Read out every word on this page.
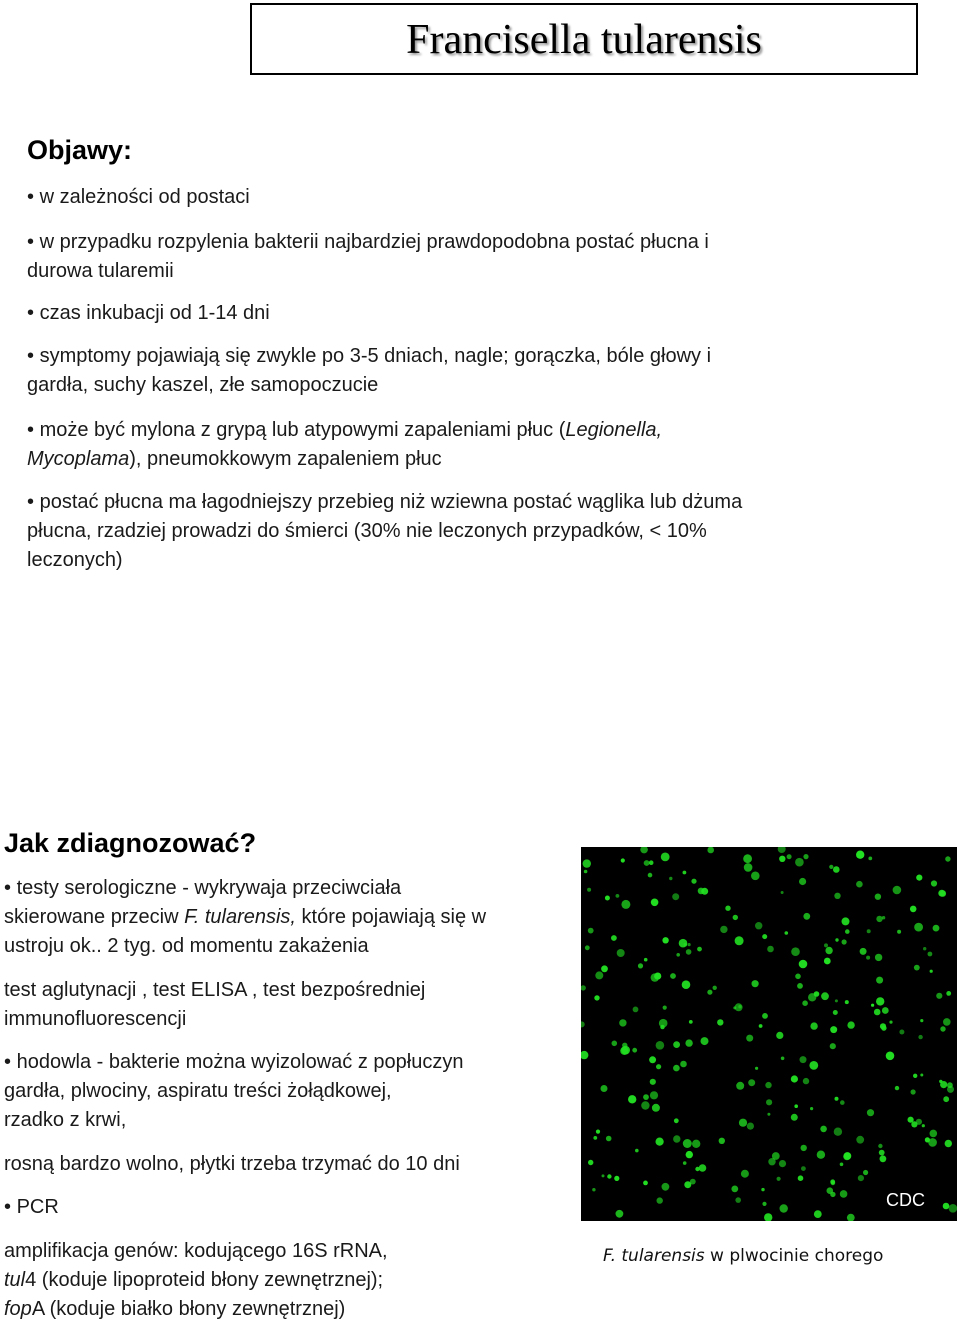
Francisella tularensis
Objawy:
• w zależności od postaci
• w przypadku rozpylenia bakterii najbardziej prawdopodobna postać płucna i
durowa tularemii
• czas inkubacji od 1-14 dni
• symptomy pojawiają się zwykle po 3-5 dniach, nagle; gorączka, bóle głowy i
gardła, suchy kaszel, złe samopoczucie
• może być mylona z grypą lub atypowymi zapaleniami płuc (Legionella,
Mycoplama), pneumokkowym zapaleniem płuc
• postać płucna ma łagodniejszy przebieg niż wziewna postać wąglika lub dżuma
płucna, rzadziej prowadzi do śmierci (30% nie leczonych przypadków, < 10%
leczonych)
Jak zdiagnozować?
• testy serologiczne - wykrywaja przeciwciała
skierowane przeciw F. tularensis, które pojawiają się w
ustroju ok.. 2 tyg. od momentu zakażenia
test aglutynacji , test ELISA , test bezpośredniej
immunofluorescencji
• hodowla - bakterie można wyizolować z popłuczyn
gardła, plwociny, aspiratu treści żołądkowej,
rzadko z krwi,
rosną bardzo wolno, płytki trzeba trzymać do 10 dni
• PCR
amplifikacja genów: kodującego 16S rRNA,
tul4 (koduje lipoproteid błony zewnętrznej);
fopA (koduje białko błony zewnętrznej)
CDC
F. tularensis w plwocinie chorego
